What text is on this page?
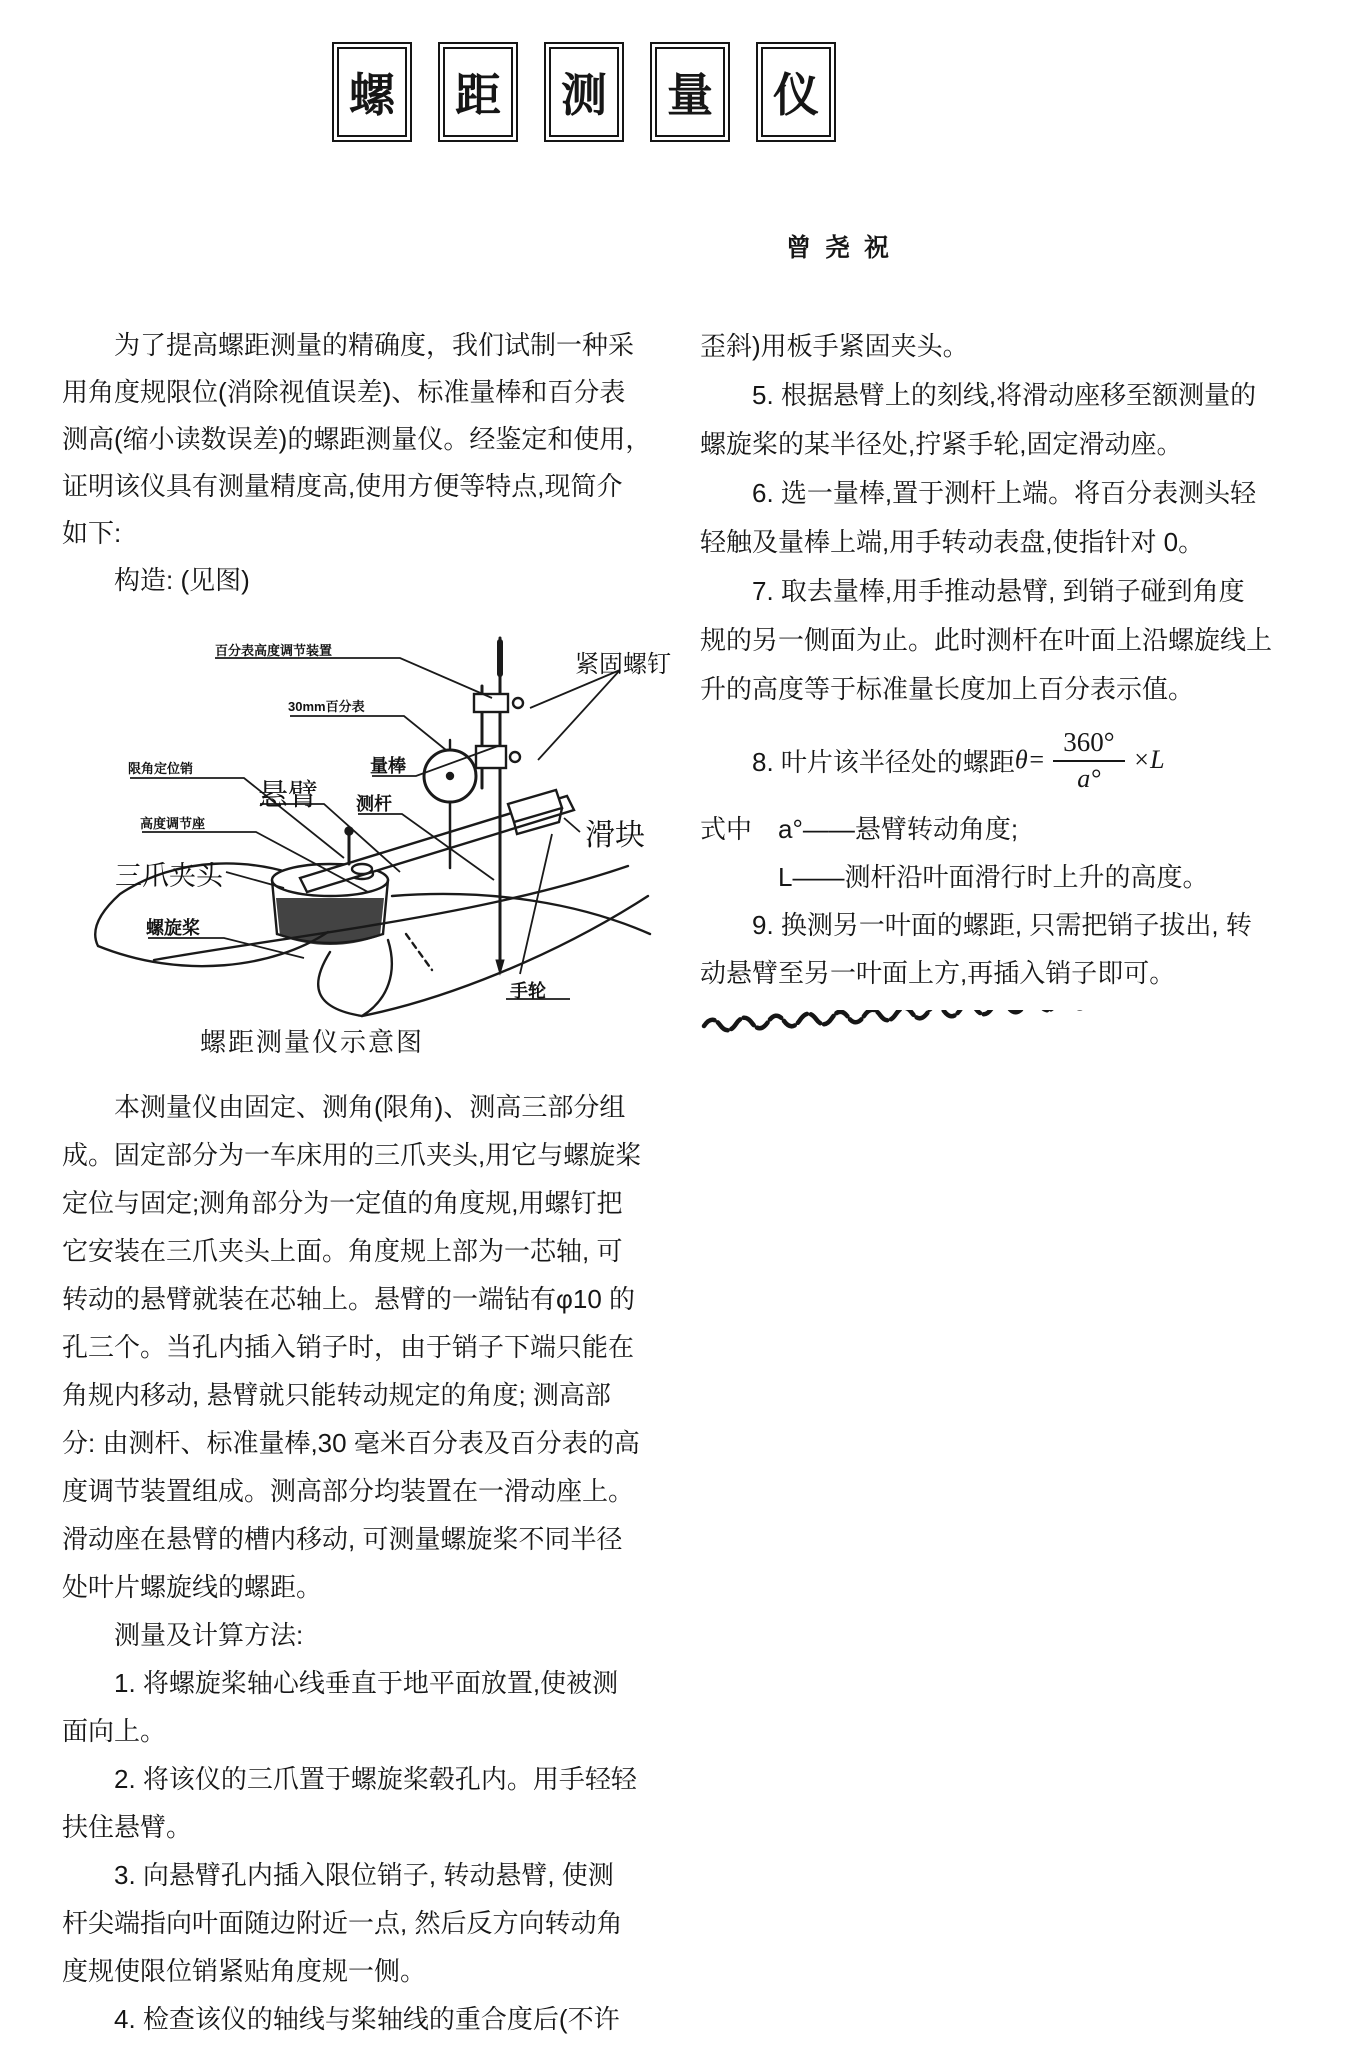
螺	距	测	量	仪
曾尧祝
　　为了提高螺距测量的精确度，我们试制一种采
用角度规限位(消除视值误差)、标准量棒和百分表
测高(缩小读数误差)的螺距测量仪。经鉴定和使用，
证明该仪具有测量精度高,使用方便等特点,现简介
如下:
　　构造: (见图)
百分表高度调节装置
紧固螺钉
30mm百分表
悬臂
量棒
测杆
滑块
限角定位销
高度调节座
三爪夹头
螺旋桨
手轮
螺距测量仪示意图
　　本测量仪由固定、测角(限角)、测高三部分组
成。固定部分为一车床用的三爪夹头,用它与螺旋桨
定位与固定;测角部分为一定值的角度规,用螺钉把
它安装在三爪夹头上面。角度规上部为一芯轴, 可
转动的悬臂就装在芯轴上。悬臂的一端钻有φ10 的
孔三个。当孔内插入销子时，由于销子下端只能在
角规内移动, 悬臂就只能转动规定的角度; 测高部
分: 由测杆、标准量棒,30 毫米百分表及百分表的高
度调节装置组成。测高部分均装置在一滑动座上。
滑动座在悬臂的槽内移动, 可测量螺旋桨不同半径
处叶片螺旋线的螺距。
　　测量及计算方法:
　　1. 将螺旋桨轴心线垂直于地平面放置,使被测
面向上。
　　2. 将该仪的三爪置于螺旋桨毂孔内。用手轻轻
扶住悬臂。
　　3. 向悬臂孔内插入限位销子, 转动悬臂, 使测
杆尖端指向叶面随边附近一点, 然后反方向转动角
度规使限位销紧贴角度规一侧。
　　4. 检查该仪的轴线与桨轴线的重合度后(不许
歪斜)用板手紧固夹头。
　　5. 根据悬臂上的刻线,将滑动座移至额测量的
螺旋桨的某半径处,拧紧手轮,固定滑动座。
　　6. 选一量棒,置于测杆上端。将百分表测头轻
轻触及量棒上端,用手转动表盘,使指针对 0。
　　7. 取去量棒,用手推动悬臂, 到销子碰到角度
规的另一侧面为止。此时测杆在叶面上沿螺旋线上
升的高度等于标准量长度加上百分表示值。
　　8. 叶片该半径处的螺距 $\theta= \frac{360^\circ}{a^\circ} \times L$
式中　a°——悬臂转动角度;
　　　L——测杆沿叶面滑行时上升的高度。
　　9. 换测另一叶面的螺距, 只需把销子拔出, 转
动悬臂至另一叶面上方,再插入销子即可。
